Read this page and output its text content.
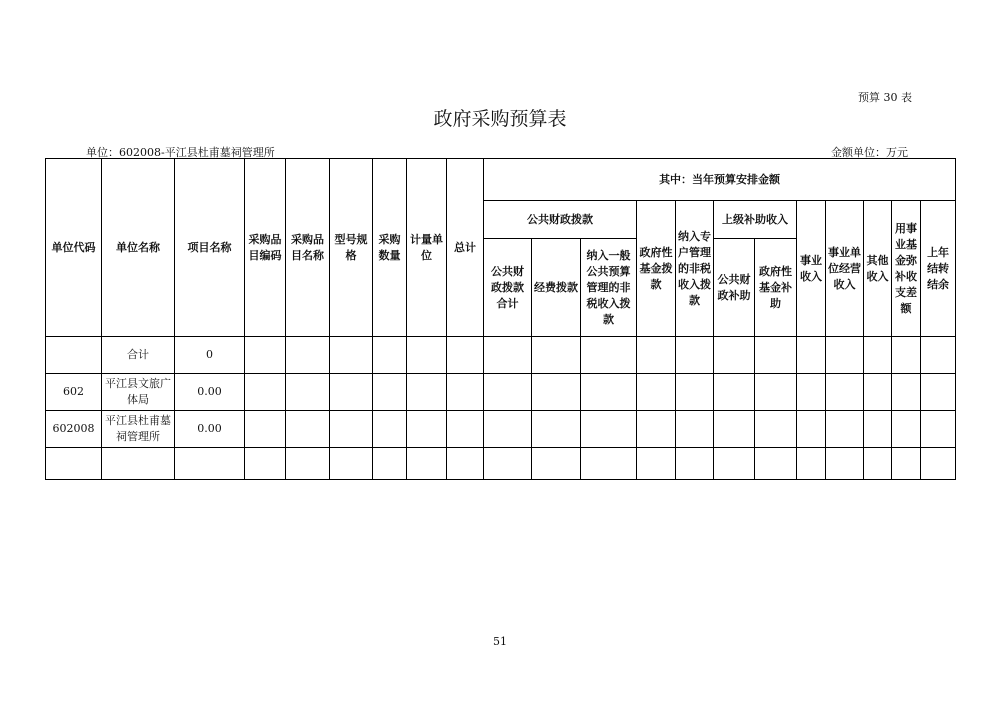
预算 30 表
政府采购预算表
单位：602008-平江县杜甫墓祠管理所	金额单位：万元
单位代码	单位名称	项目名称	采购品目编码	采购品目名称	型号规格	采购数量	计量单位	总计	其中：当年预算安排金额											
									公共财政拨款			政府性基金拨款	纳入专户管理的非税收入拨款	上级补助收入		事业收入	事业单位经营收入	其他收入	用事业基金弥补收支差额	上年结转结余
									公共财政拨款合计	经费拨款	纳入一般公共预算管理的非税收入拨款			公共财政补助	政府性基金补助					
	合计	0																		
602	平江县文旅广体局	0.00																		
602008	平江县杜甫墓祠管理所	0.00																		

51
